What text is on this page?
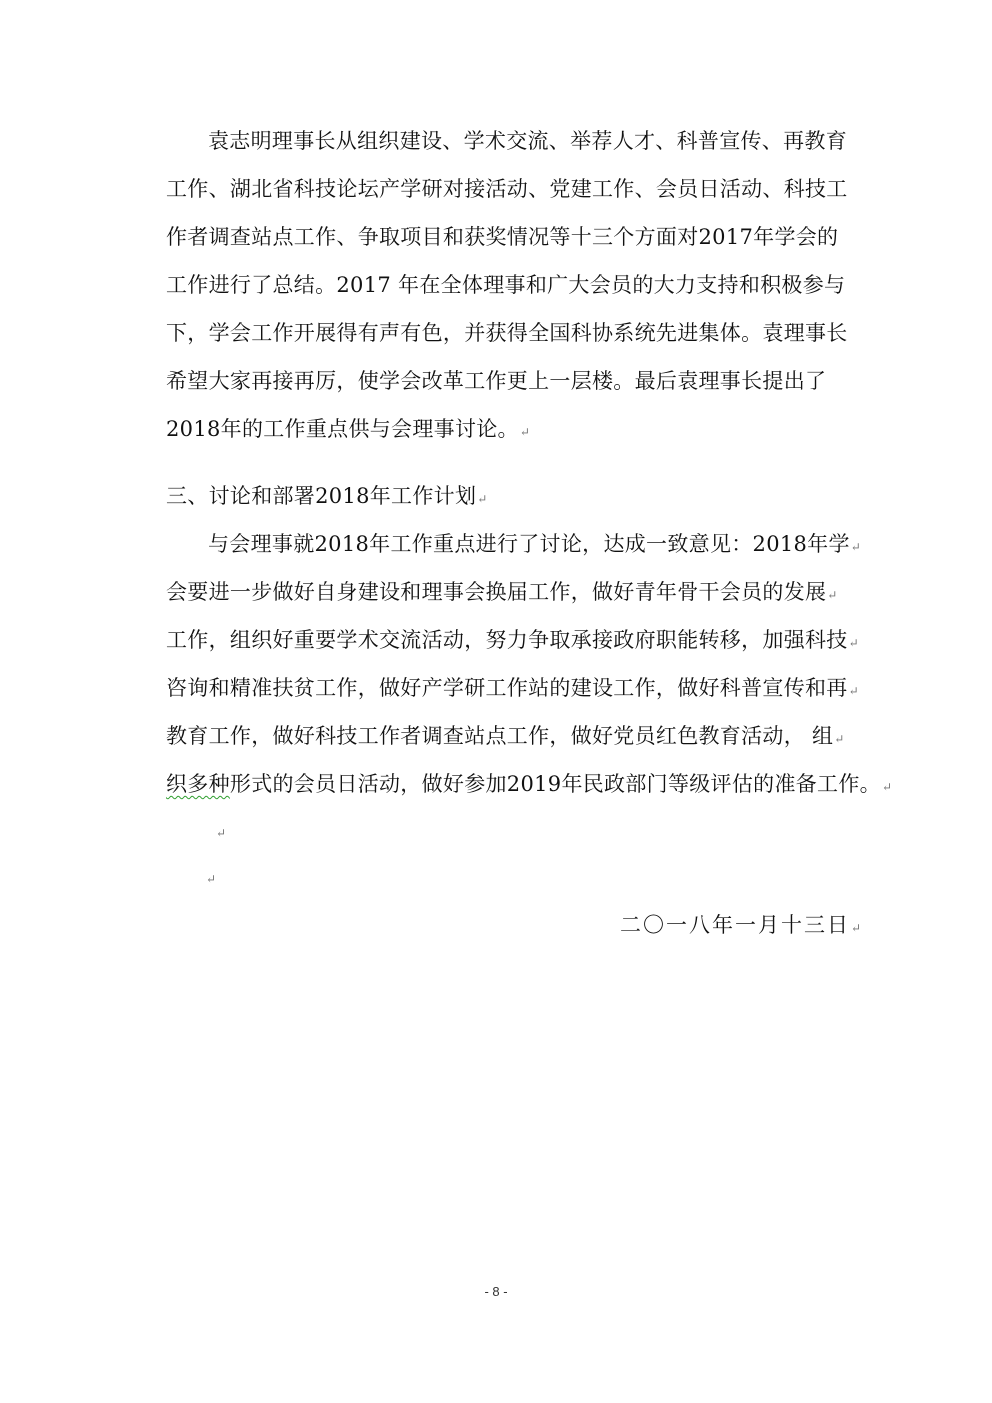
袁志明理事长从组织建设、学术交流、举荐人才、科普宣传、再教育
工作、湖北省科技论坛产学研对接活动、党建工作、会员日活动、科技工
作者调查站点工作、争取项目和获奖情况等十三个方面对2017年学会的
工作进行了总结。2017 年在全体理事和广大会员的大力支持和积极参与
下，学会工作开展得有声有色，并获得全国科协系统先进集体。袁理事长
希望大家再接再厉，使学会改革工作更上一层楼。最后袁理事长提出了
2018年的工作重点供与会理事讨论。↵
三、讨论和部署2018年工作计划↵
与会理事就2018年工作重点进行了讨论，达成一致意见：2018年学↵
会要进一步做好自身建设和理事会换届工作，做好青年骨干会员的发展↵
工作，组织好重要学术交流活动，努力争取承接政府职能转移，加强科技↵
咨询和精准扶贫工作，做好产学研工作站的建设工作，做好科普宣传和再↵
教育工作，做好科技工作者调查站点工作，做好党员红色教育活动， 组↵
织多种形式的会员日活动，做好参加2019年民政部门等级评估的准备工作。↵
↵
↵
二〇一八年一月十三日↵
- 8 -
